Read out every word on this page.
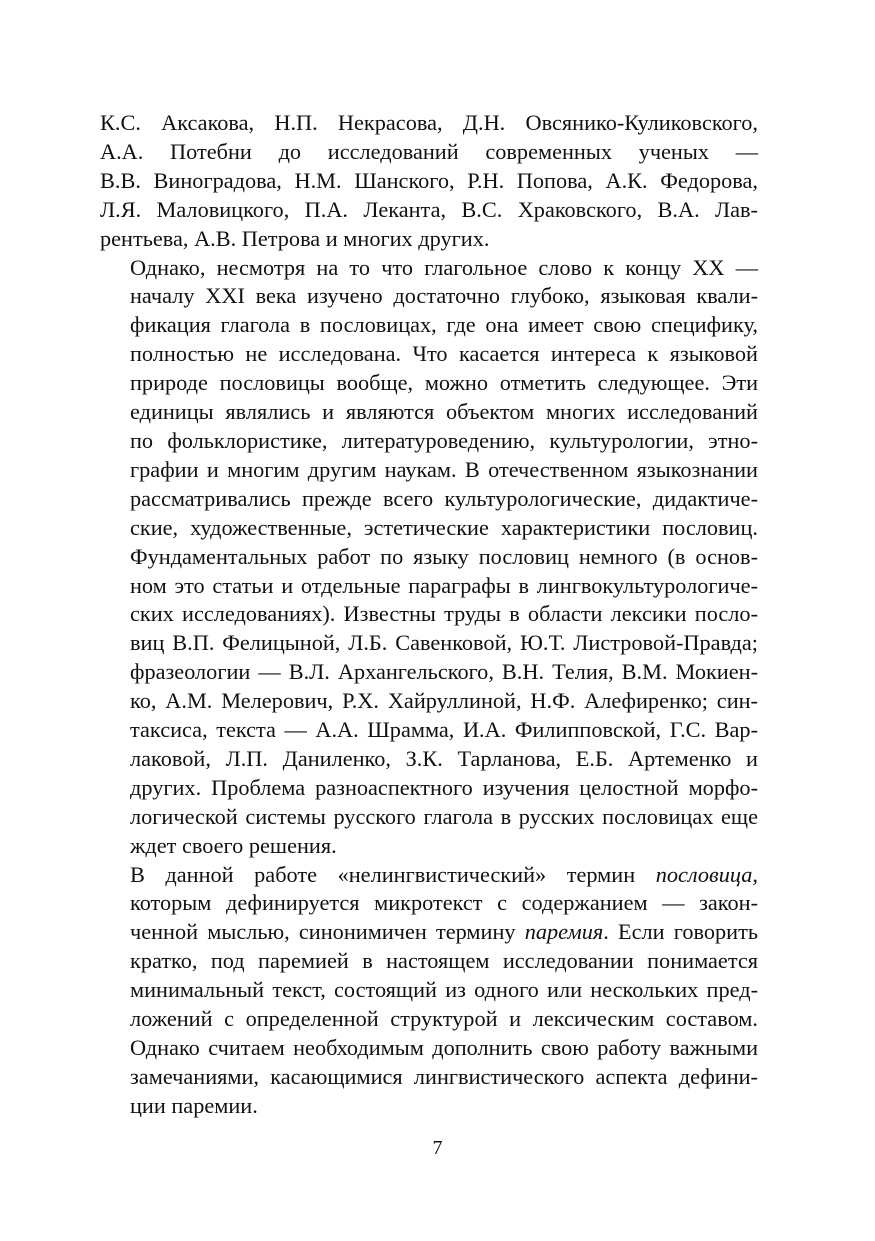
К.С. Аксакова, Н.П. Некрасова, Д.Н. Овсянико-Куликовского,
А.А. Потебни до исследований современных ученых —
В.В. Виноградова, Н.М. Шанского, Р.Н. Попова, А.К. Федорова,
Л.Я. Маловицкого, П.А. Леканта, В.С. Храковского, В.А. Лав-
рентьева, А.В. Петрова и многих других.

Однако, несмотря на то что глагольное слово к концу XX —
началу XXI века изучено достаточно глубоко, языковая квали-
фикация глагола в пословицах, где она имеет свою специфику,
полностью не исследована. Что касается интереса к языковой
природе пословицы вообще, можно отметить следующее. Эти
единицы являлись и являются объектом многих исследований
по фольклористике, литературоведению, культурологии, этно-
графии и многим другим наукам. В отечественном языкознании
рассматривались прежде всего культурологические, дидактиче-
ские, художественные, эстетические характеристики пословиц.
Фундаментальных работ по языку пословиц немного (в основ-
ном это статьи и отдельные параграфы в лингвокультурологиче-
ских исследованиях). Известны труды в области лексики посло-
виц В.П. Фелицыной, Л.Б. Савенковой, Ю.Т. Листровой-Правда;
фразеологии — В.Л. Архангельского, В.Н. Телия, В.М. Мокиен-
ко, А.М. Мелерович, Р.Х. Хайруллиной, Н.Ф. Алефиренко; син-
таксиса, текста — А.А. Шрамма, И.А. Филипповской, Г.С. Вар-
лаковой, Л.П. Даниленко, З.К. Тарланова, Е.Б. Артеменко и
других. Проблема разноаспектного изучения целостной морфо-
логической системы русского глагола в русских пословицах еще
ждет своего решения.

В данной работе «нелингвистический» термин пословица,
которым дефинируется микротекст с содержанием — закон-
ченной мыслью, синонимичен термину паремия. Если говорить
кратко, под паремией в настоящем исследовании понимается
минимальный текст, состоящий из одного или нескольких пред-
ложений с определенной структурой и лексическим составом.
Однако считаем необходимым дополнить свою работу важными
замечаниями, касающимися лингвистического аспекта дефини-
ции паремии.

7
